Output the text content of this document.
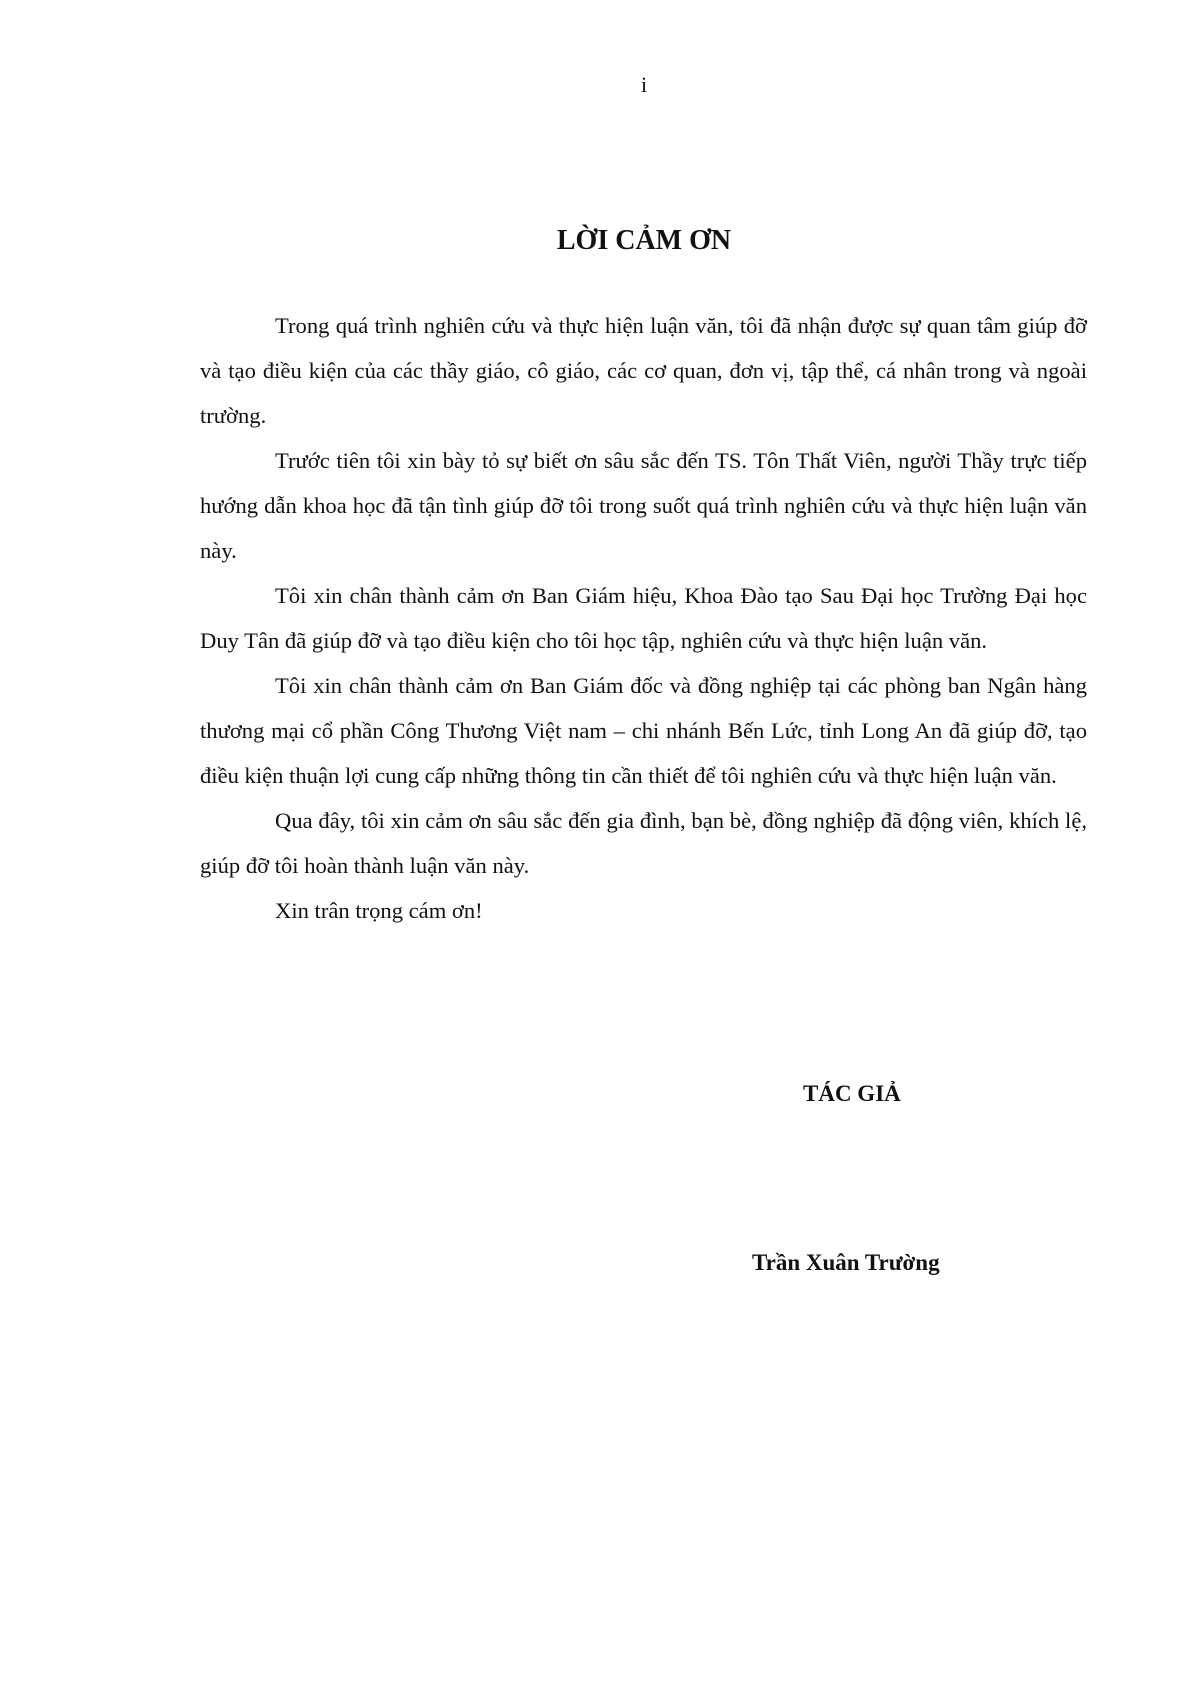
i
LỜI CẢM ƠN

Trong quá trình nghiên cứu và thực hiện luận văn, tôi đã nhận được sự quan tâm giúp đỡ và tạo điều kiện của các thầy giáo, cô giáo, các cơ quan, đơn vị, tập thể, cá nhân trong và ngoài trường.

Trước tiên tôi xin bày tỏ sự biết ơn sâu sắc đến TS. Tôn Thất Viên, người Thầy trực tiếp hướng dẫn khoa học đã tận tình giúp đỡ tôi trong suốt quá trình nghiên cứu và thực hiện luận văn này.

Tôi xin chân thành cảm ơn Ban Giám hiệu, Khoa Đào tạo Sau Đại học Trường Đại học Duy Tân đã giúp đỡ và tạo điều kiện cho tôi học tập, nghiên cứu và thực hiện luận văn.

Tôi xin chân thành cảm ơn Ban Giám đốc và đồng nghiệp tại các phòng ban Ngân hàng thương mại cổ phần Công Thương Việt nam – chi nhánh Bến Lức, tỉnh Long An đã giúp đỡ, tạo điều kiện thuận lợi cung cấp những thông tin cần thiết để tôi nghiên cứu và thực hiện luận văn.

Qua đây, tôi xin cảm ơn sâu sắc đến gia đình, bạn bè, đồng nghiệp đã động viên, khích lệ, giúp đỡ tôi hoàn thành luận văn này.

Xin trân trọng cám ơn!

TÁC GIẢ
Trần Xuân Trường
